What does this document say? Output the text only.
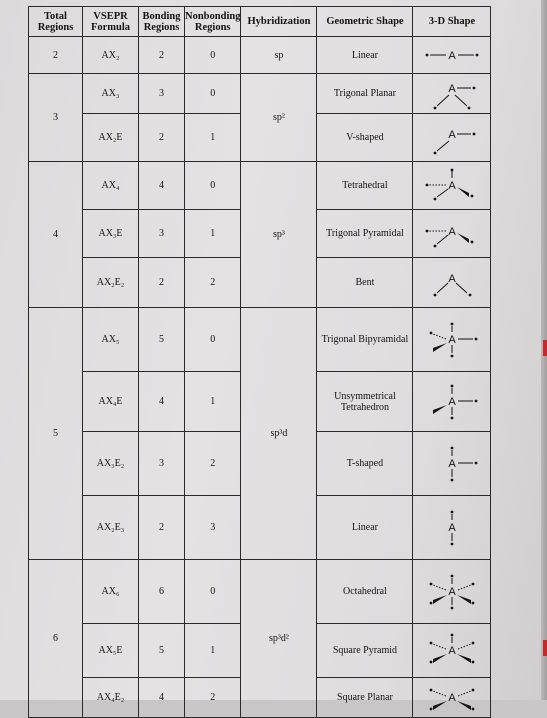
Total Regions	VSEPR Formula	Bonding Regions	Nonbonding Regions	Hybridization	Geometric Shape	3-D Shape
2	AX₂	2	0	sp	Linear	A

3	AX₃	3	0	sp²	Trigonal Planar	A

	AX₂E	2	1		V-shaped	A

4	AX₄	4	0	sp³	Tetrahedral	A

	AX₃E	3	1		Trigonal Pyramidal	A

	AX₂E₂	2	2		Bent	A

5	AX₅	5	0	sp³d	Trigonal Bipyramidal	A

	AX₄E	4	1		Unsymmetrical Tetrahedron	A

	AX₃E₂	3	2		T-shaped	A

	AX₂E₃	2	3		Linear	A

6	AX₆	6	0	sp³d²	Octahedral	A

	AX₅E	5	1		Square Pyramid	A

	AX₄E₂	4	2		Square Planar	A
